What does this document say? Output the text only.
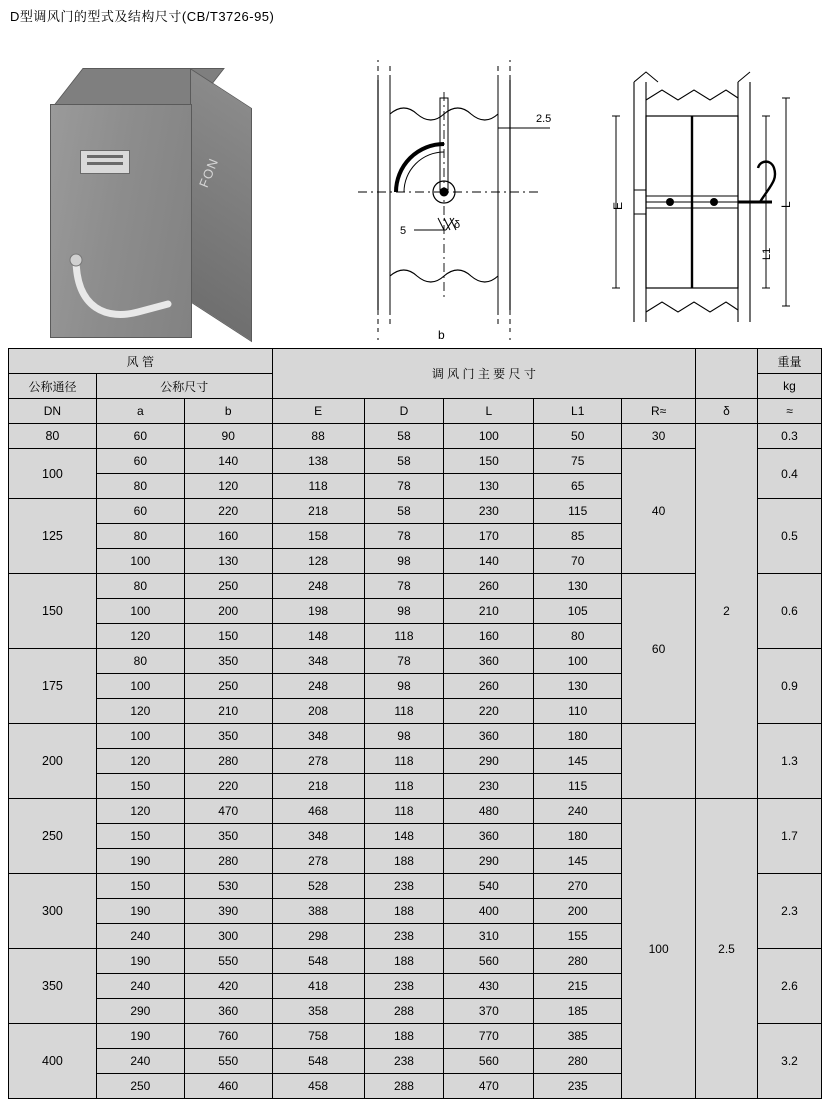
D型调风门的型式及结构尺寸(CB/T3726-95)
FON
2.5
5	δ
b
L
L1
E
风 管			调 风 门 主 要 尺 寸						重量
公称通径	公称尺寸								kg
DN	a	b	E	D	L	L1	R≈	δ	≈
80	60	90	88	58	100	50	30	2	0.3
100	60	140	138	58	150	75	40		0.4
	80	120	118	78	130	65			
125	60	220	218	58	230	115			0.5
	80	160	158	78	170	85			
	100	130	128	98	140	70			
150	80	250	248	78	260	130	60		0.6
	100	200	198	98	210	105			
	120	150	148	118	160	80			
175	80	350	348	78	360	100			0.9
	100	250	248	98	260	130			
	120	210	208	118	220	110			
200	100	350	348	98	360	180			1.3
	120	280	278	118	290	145			
	150	220	218	118	230	115			
250	120	470	468	118	480	240	100	2.5	1.7
	150	350	348	148	360	180			
	190	280	278	188	290	145			
300	150	530	528	238	540	270			2.3
	190	390	388	188	400	200			
	240	300	298	238	310	155			
350	190	550	548	188	560	280			2.6
	240	420	418	238	430	215			
	290	360	358	288	370	185			
400	190	760	758	188	770	385			3.2
	240	550	548	238	560	280			
	250	460	458	288	470	235			
